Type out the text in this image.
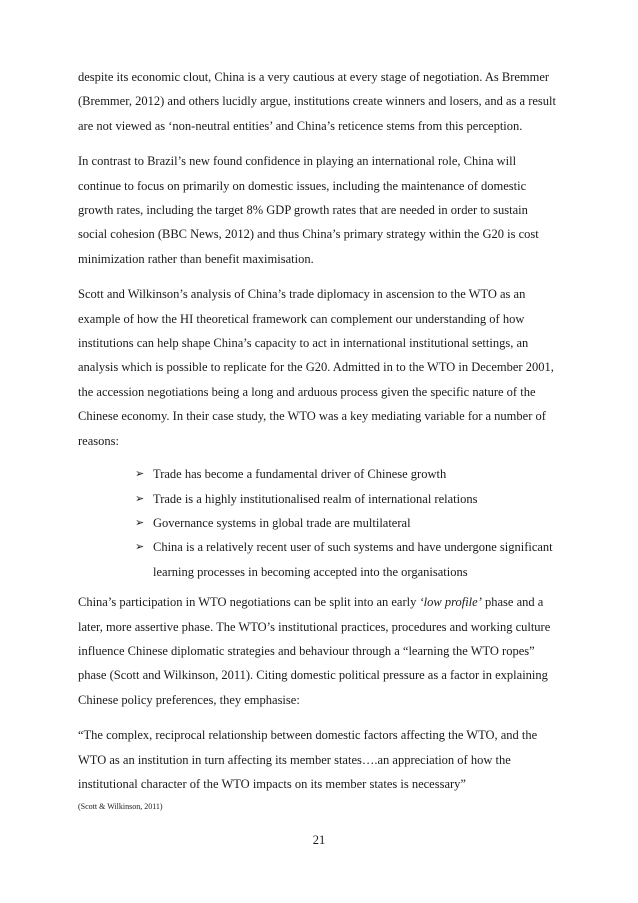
despite its economic clout, China is a very cautious at every stage of negotiation. As Bremmer (Bremmer, 2012) and others lucidly argue, institutions create winners and losers, and as a result are not viewed as ‘non-neutral entities’ and China’s reticence stems from this perception.

In contrast to Brazil’s new found confidence in playing an international role, China will continue to focus on primarily on domestic issues, including the maintenance of domestic growth rates, including the target 8% GDP growth rates that are needed in order to sustain social cohesion (BBC News, 2012) and thus China’s primary strategy within the G20 is cost minimization rather than benefit maximisation.

Scott and Wilkinson’s analysis of China’s trade diplomacy in ascension to the WTO as an example of how the HI theoretical framework can complement our understanding of how institutions can help shape China’s capacity to act in international institutional settings, an analysis which is possible to replicate for the G20. Admitted in to the WTO in December 2001, the accession negotiations being a long and arduous process given the specific nature of the Chinese economy. In their case study, the WTO was a key mediating variable for a number of reasons:

➢ Trade has become a fundamental driver of Chinese growth
➢ Trade is a highly institutionalised realm of international relations
➢ Governance systems in global trade are multilateral
➢ China is a relatively recent user of such systems and have undergone significant learning processes in becoming accepted into the organisations

China’s participation in WTO negotiations can be split into an early ‘low profile’ phase and a later, more assertive phase. The WTO’s institutional practices, procedures and working culture influence Chinese diplomatic strategies and behaviour through a “learning the WTO ropes” phase (Scott and Wilkinson, 2011). Citing domestic political pressure as a factor in explaining Chinese policy preferences, they emphasise:

“The complex, reciprocal relationship between domestic factors affecting the WTO, and the WTO as an institution in turn affecting its member states….an appreciation of how the institutional character of the WTO impacts on its member states is necessary”

(Scott & Wilkinson, 2011)
21
